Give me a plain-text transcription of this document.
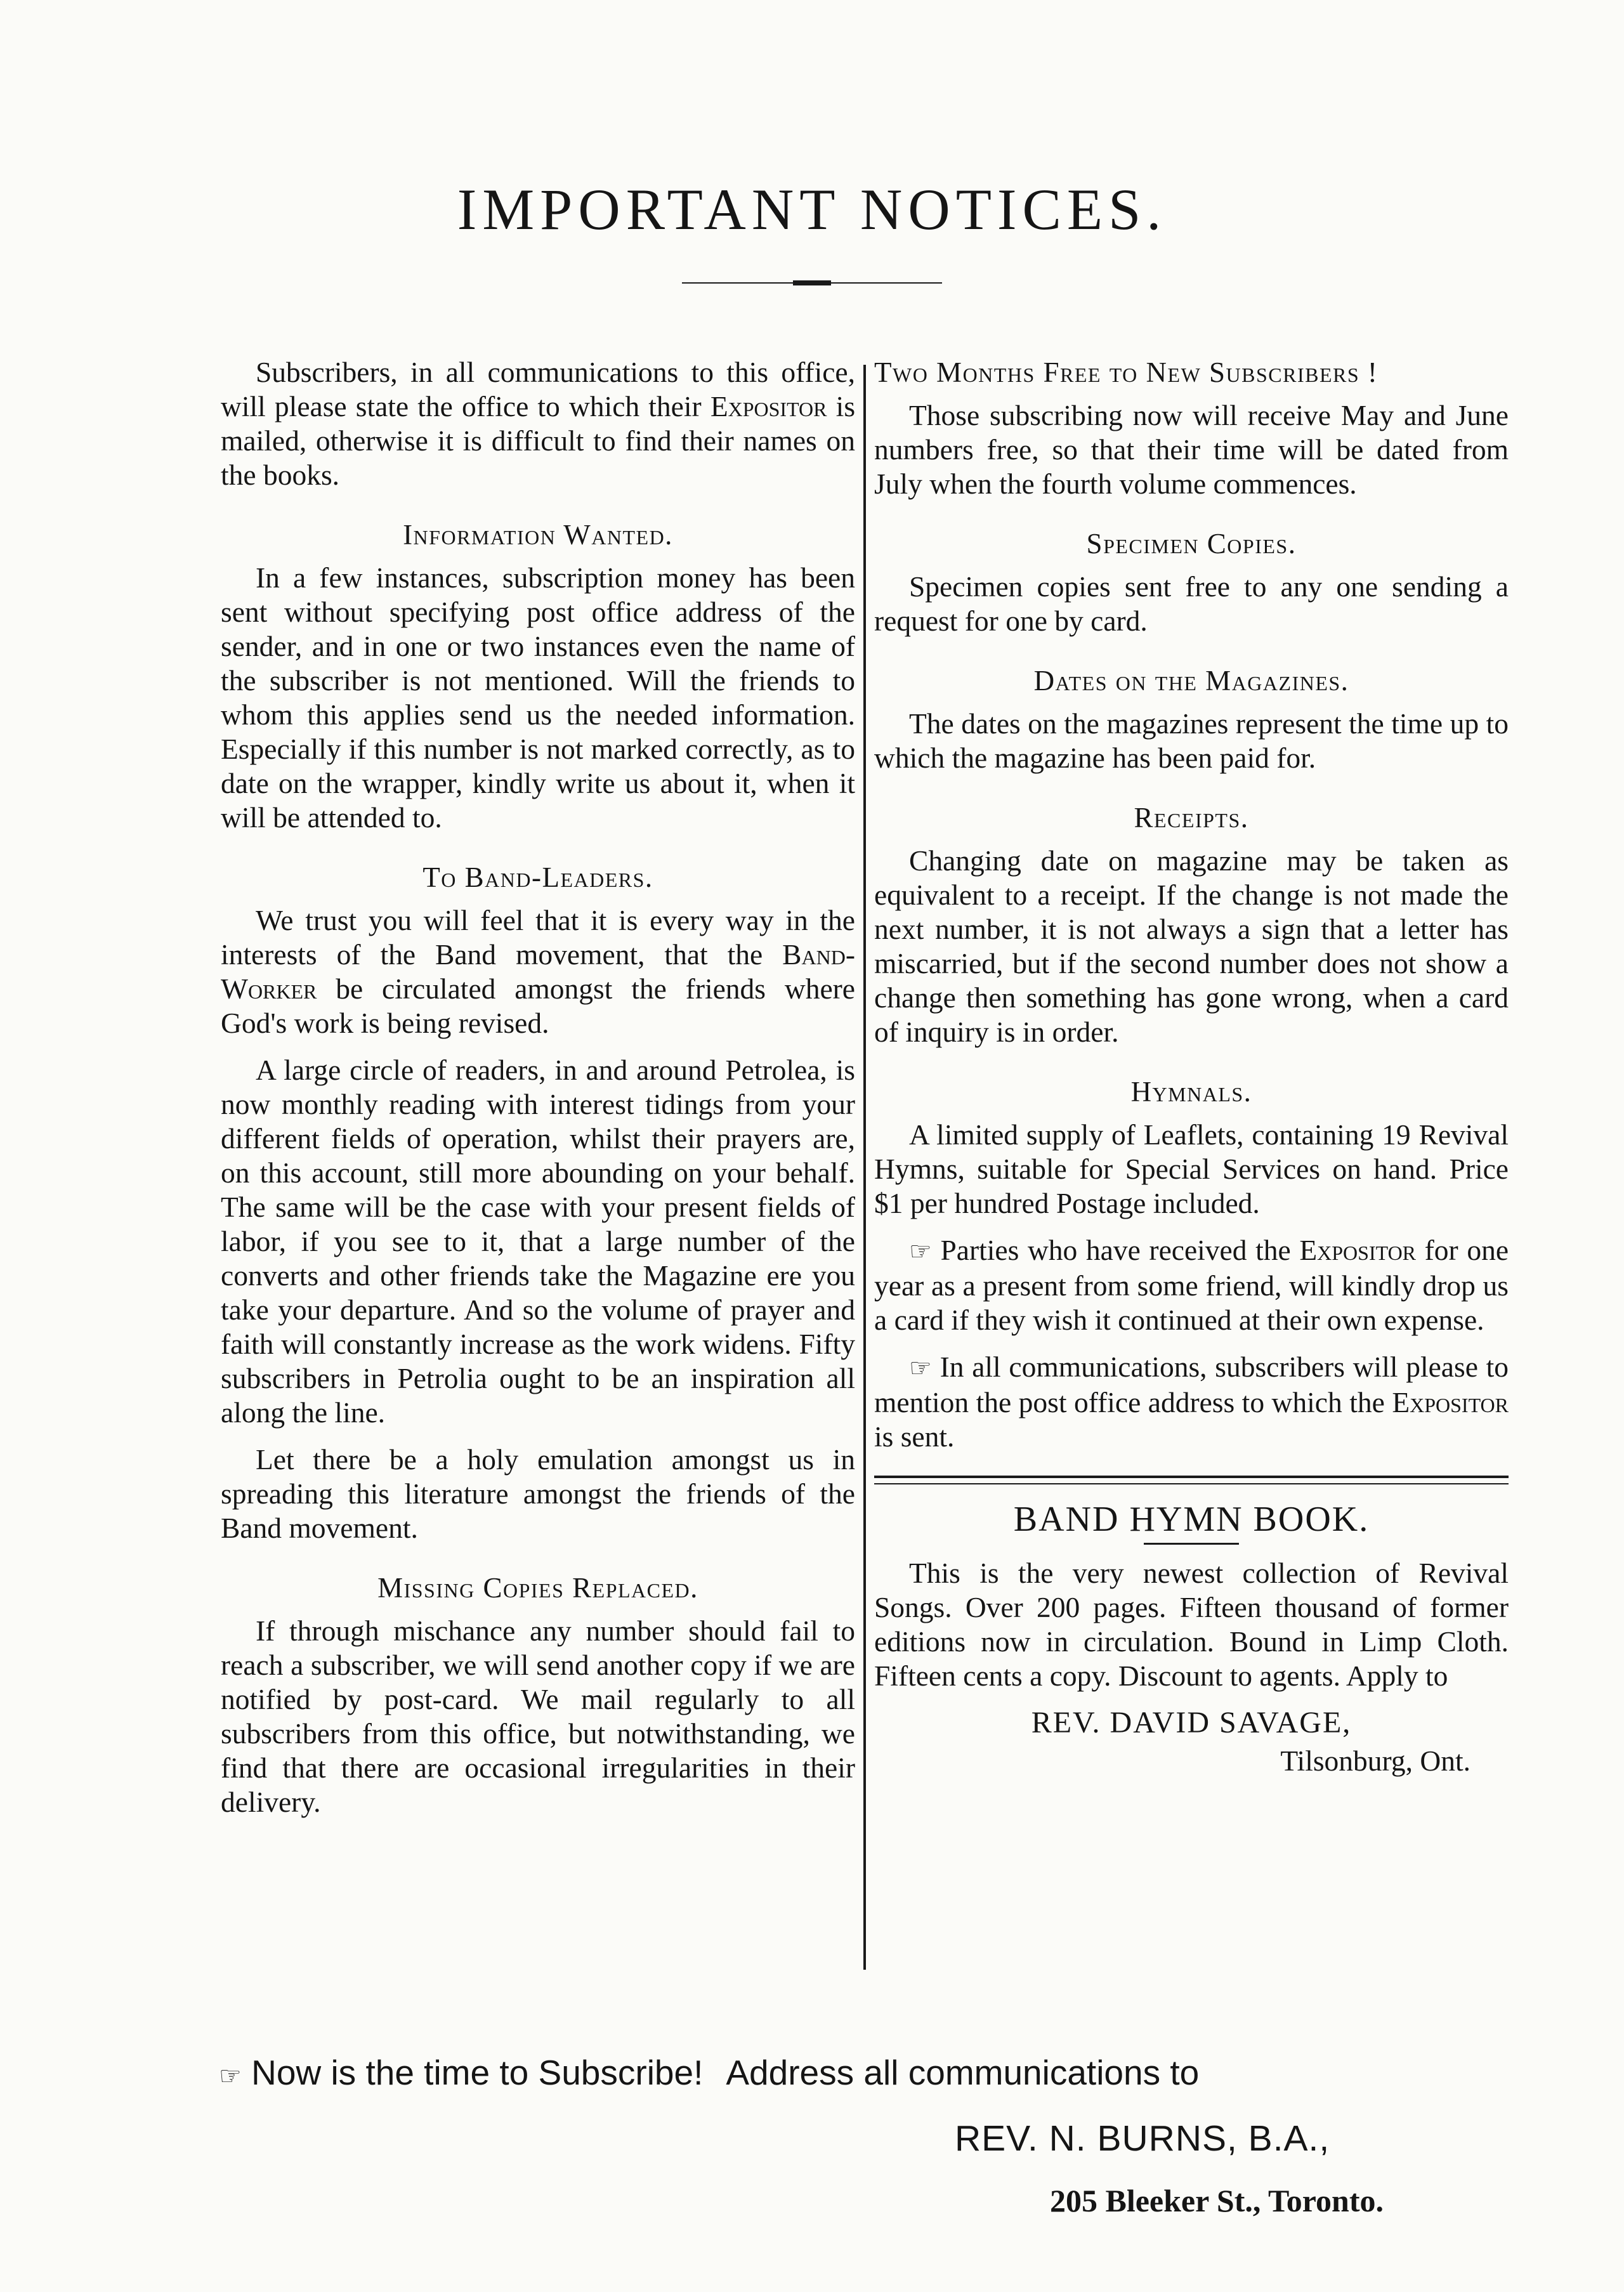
IMPORTANT NOTICES.

Subscribers, in all communications to this office, will please state the office to which their Expositor is mailed, otherwise it is difficult to find their names on the books.

Information Wanted.

In a few instances, subscription money has been sent without specifying post office address of the sender, and in one or two instances even the name of the subscriber is not mentioned. Will the friends to whom this applies send us the needed information. Especially if this number is not marked correctly, as to date on the wrapper, kindly write us about it, when it will be attended to.

To Band-Leaders.

We trust you will feel that it is every way in the interests of the Band movement, that the Band-Worker be circulated amongst the friends where God's work is being revised.

A large circle of readers, in and around Petrolea, is now monthly reading with interest tidings from your different fields of operation, whilst their prayers are, on this account, still more abounding on your behalf. The same will be the case with your present fields of labor, if you see to it, that a large number of the converts and other friends take the Magazine ere you take your departure. And so the volume of prayer and faith will constantly increase as the work widens. Fifty subscribers in Petrolia ought to be an inspiration all along the line.

Let there be a holy emulation amongst us in spreading this literature amongst the friends of the Band movement.

Missing Copies Replaced.

If through mischance any number should fail to reach a subscriber, we will send another copy if we are notified by post-card. We mail regularly to all subscribers from this office, but notwithstanding, we find that there are occasional irregularities in their delivery.

Two Months Free to New Subscribers !

Those subscribing now will receive May and June numbers free, so that their time will be dated from July when the fourth volume commences.

Specimen Copies.

Specimen copies sent free to any one sending a request for one by card.

Dates on the Magazines.

The dates on the magazines represent the time up to which the magazine has been paid for.

Receipts.

Changing date on magazine may be taken as equivalent to a receipt. If the change is not made the next number, it is not always a sign that a letter has miscarried, but if the second number does not show a change then something has gone wrong, when a card of inquiry is in order.

Hymnals.

A limited supply of Leaflets, containing 19 Revival Hymns, suitable for Special Services on hand. Price $1 per hundred Postage included.

☞ Parties who have received the Expositor for one year as a present from some friend, will kindly drop us a card if they wish it continued at their own expense.

☞ In all communications, subscribers will please to mention the post office address to which the Expositor is sent.

BAND HYMN BOOK.

This is the very newest collection of Revival Songs. Over 200 pages. Fifteen thousand of former editions now in circulation. Bound in Limp Cloth. Fifteen cents a copy. Discount to agents. Apply to

REV. DAVID SAVAGE,

Tilsonburg, Ont.

☞ Now is the time to Subscribe! Address all communications to
REV. N. BURNS, B.A.,
205 Bleeker St., Toronto.
